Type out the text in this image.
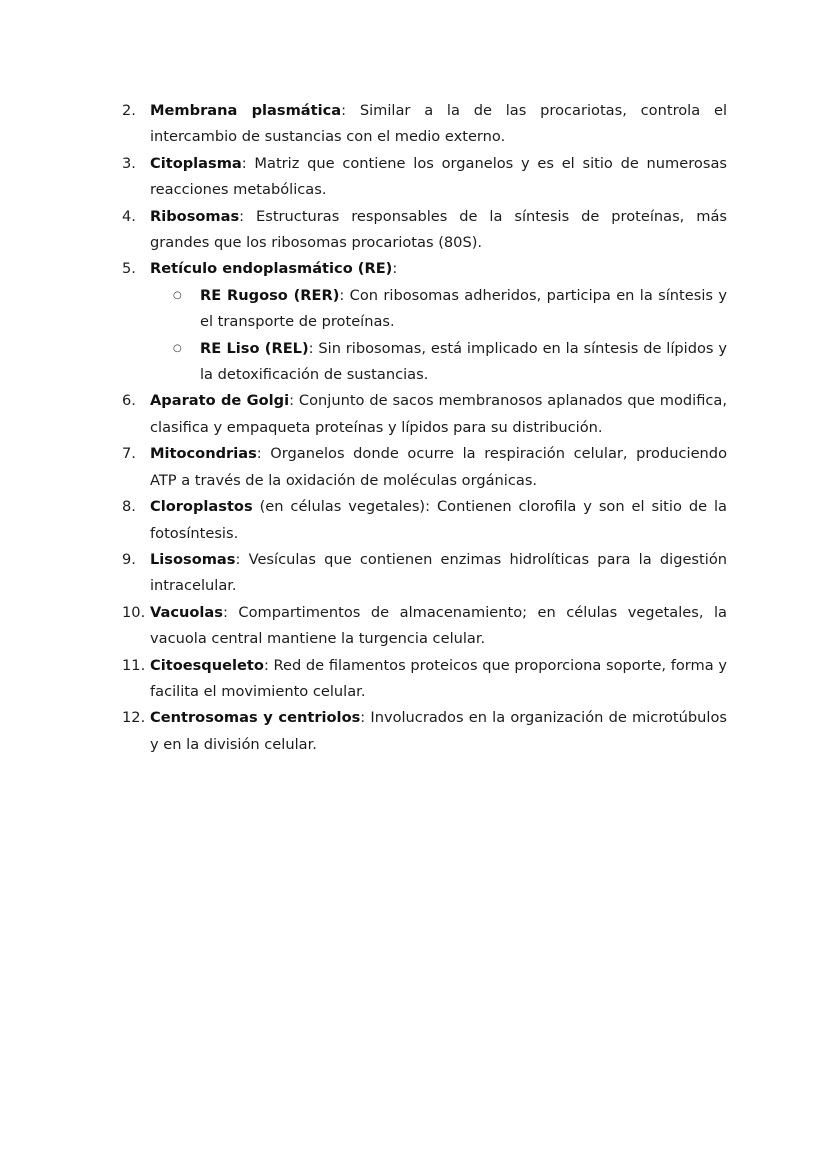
2. Membrana plasmática: Similar a la de las procariotas, controla el intercambio de sustancias con el medio externo.
3. Citoplasma: Matriz que contiene los organelos y es el sitio de numerosas reacciones metabólicas.
4. Ribosomas: Estructuras responsables de la síntesis de proteínas, más grandes que los ribosomas procariotas (80S).
5. Retículo endoplasmático (RE):
○ RE Rugoso (RER): Con ribosomas adheridos, participa en la síntesis y el transporte de proteínas.
○ RE Liso (REL): Sin ribosomas, está implicado en la síntesis de lípidos y la detoxificación de sustancias.
6. Aparato de Golgi: Conjunto de sacos membranosos aplanados que modifica, clasifica y empaqueta proteínas y lípidos para su distribución.
7. Mitocondrias: Organelos donde ocurre la respiración celular, produciendo ATP a través de la oxidación de moléculas orgánicas.
8. Cloroplastos (en células vegetales): Contienen clorofila y son el sitio de la fotosíntesis.
9. Lisosomas: Vesículas que contienen enzimas hidrolíticas para la digestión intracelular.
10. Vacuolas: Compartimentos de almacenamiento; en células vegetales, la vacuola central mantiene la turgencia celular.
11. Citoesqueleto: Red de filamentos proteicos que proporciona soporte, forma y facilita el movimiento celular.
12. Centrosomas y centriolos: Involucrados en la organización de microtúbulos y en la división celular.
